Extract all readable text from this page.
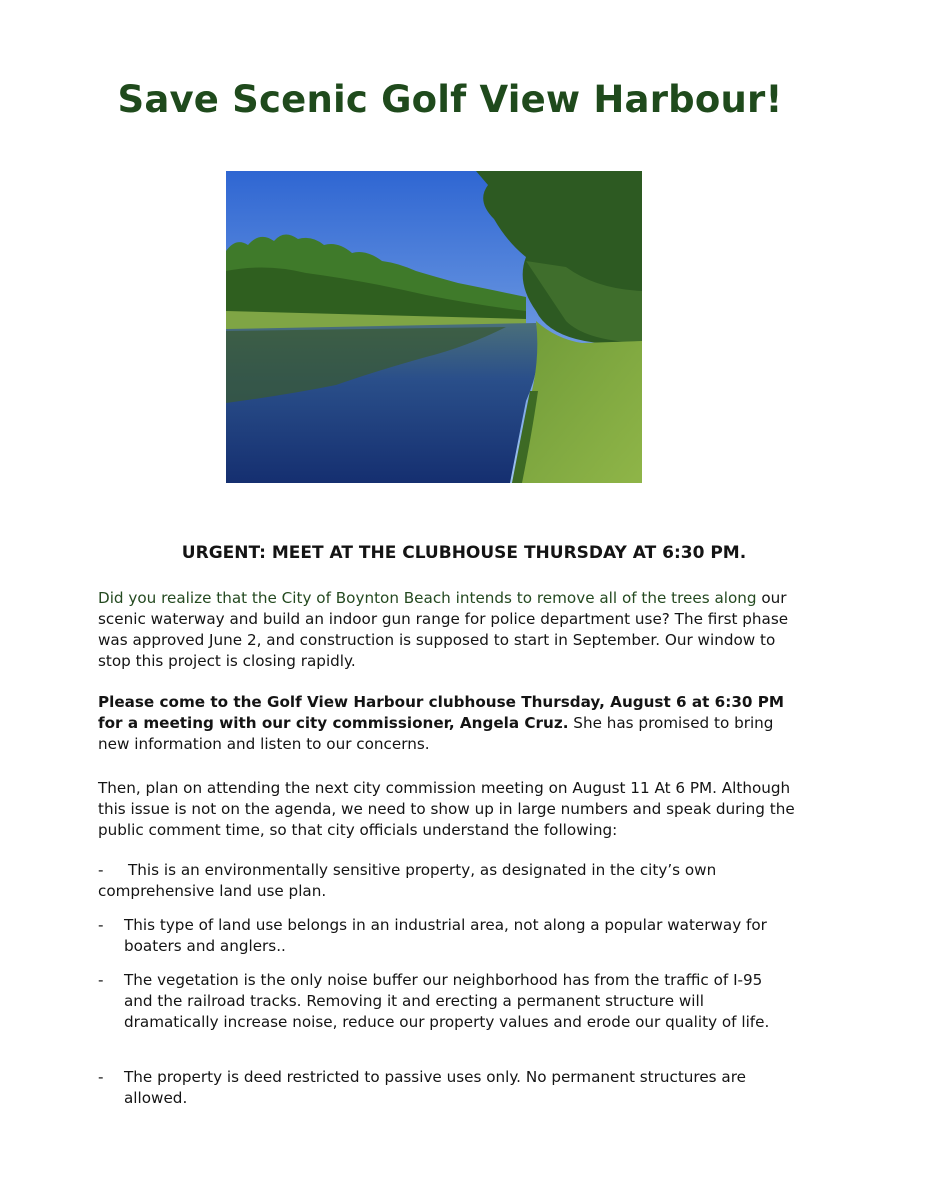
Save Scenic Golf View Harbour!
URGENT: MEET AT THE CLUBHOUSE THURSDAY AT 6:30 PM.

Did you realize that the City of Boynton Beach intends to remove all of the trees along our scenic waterway and build an indoor gun range for police department use? The first phase was approved June 2, and construction is supposed to start in September. Our window to stop this project is closing rapidly.

Please come to the Golf View Harbour clubhouse Thursday, August 6 at 6:30 PM for a meeting with our city commissioner, Angela Cruz. She has promised to bring new information and listen to our concerns.

Then, plan on attending the next city commission meeting on August 11 At 6 PM. Although this issue is not on the agenda, we need to show up in large numbers and speak during the public comment time, so that city officials understand the following:

-	This is an environmentally sensitive property, as designated in the city’s own comprehensive land use plan.
-	This type of land use belongs in an industrial area, not along a popular waterway for boaters and anglers..
-	The vegetation is the only noise buffer our neighborhood has from the traffic of I-95 and the railroad tracks. Removing it and erecting a permanent structure will dramatically increase noise, reduce our property values and erode our quality of life.
-	The property is deed restricted to passive uses only. No permanent structures are allowed.
